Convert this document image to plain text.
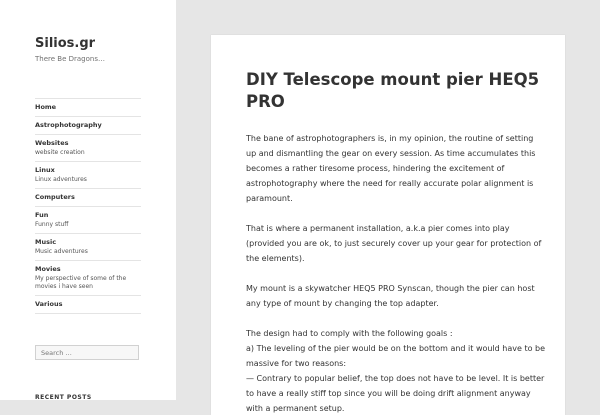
Silios.gr
There Be Dragons…
Home
Astrophotography
Websites
website creation
Linux
Linux adventures
Computers
Fun
Funny stuff
Music
Music adventures
Movies
My perspective of some of the movies i have seen
Various
Search …
RECENT POSTS
DIY Telescope mount pier HEQ5 PRO

The bane of astrophotographers is, in my opinion, the routine of setting up and dismantling the gear on every session. As time accumulates this becomes a rather tiresome process, hindering the excitement of astrophotography where the need for really accurate polar alignment is paramount.

That is where a permanent installation, a.k.a pier comes into play (provided you are ok, to just securely cover up your gear for protection of the elements).

My mount is a skywatcher HEQ5 PRO Synscan, though the pier can host any type of mount by changing the top adapter.

The design had to comply with the following goals :

a) The leveling of the pier would be on the bottom and it would have to be massive for two reasons:

— Contrary to popular belief, the top does not have to be level. It is better to have a really stiff top since you will be doing drift alignment anyway with a permanent setup.
